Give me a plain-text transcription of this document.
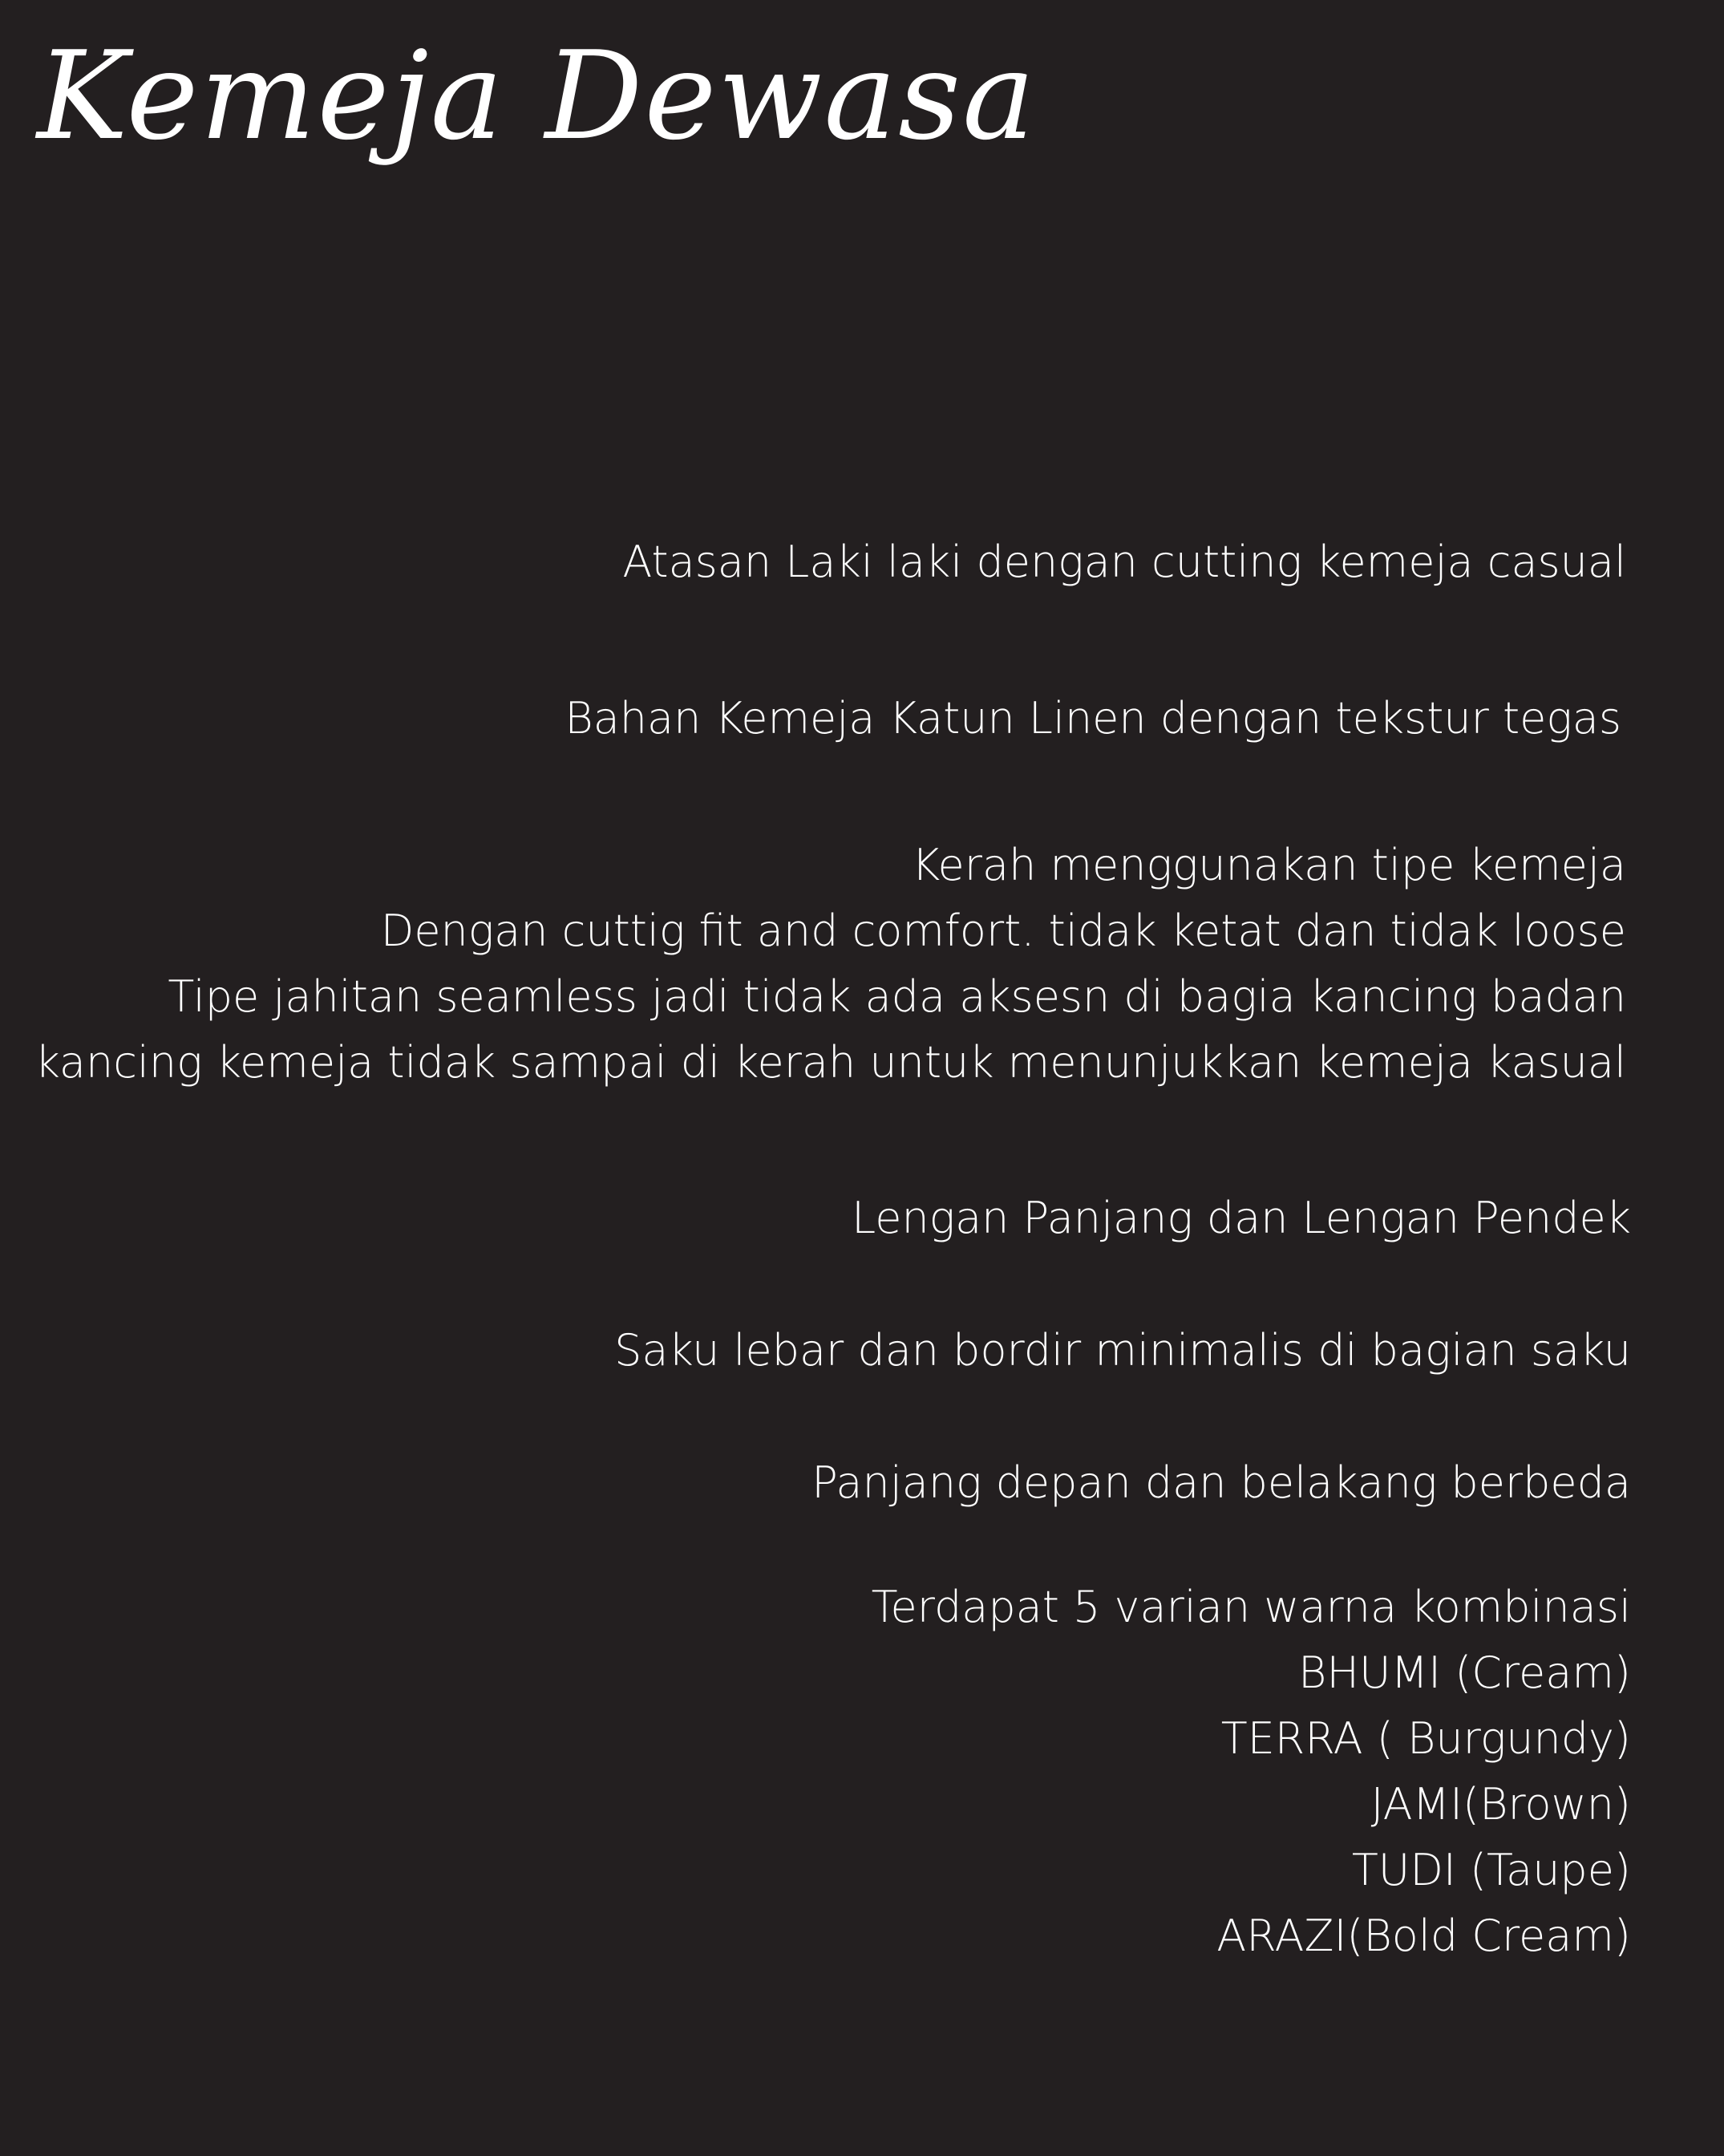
Kemeja Dewasa

Atasan Laki laki dengan cutting kemeja casual

Bahan Kemeja Katun Linen dengan tekstur tegas

Kerah menggunakan tipe kemeja
Dengan cuttig fit and comfort. tidak ketat dan tidak loose
Tipe jahitan seamless jadi tidak ada aksesn di bagia kancing badan
kancing kemeja tidak sampai di kerah untuk menunjukkan kemeja kasual

Lengan Panjang dan Lengan Pendek

Saku lebar dan bordir minimalis di bagian saku

Panjang depan dan belakang berbeda

Terdapat 5 varian warna kombinasi
BHUMI (Cream)
TERRA ( Burgundy)
JAMI(Brown)
TUDI (Taupe)
ARAZI(Bold Cream)
